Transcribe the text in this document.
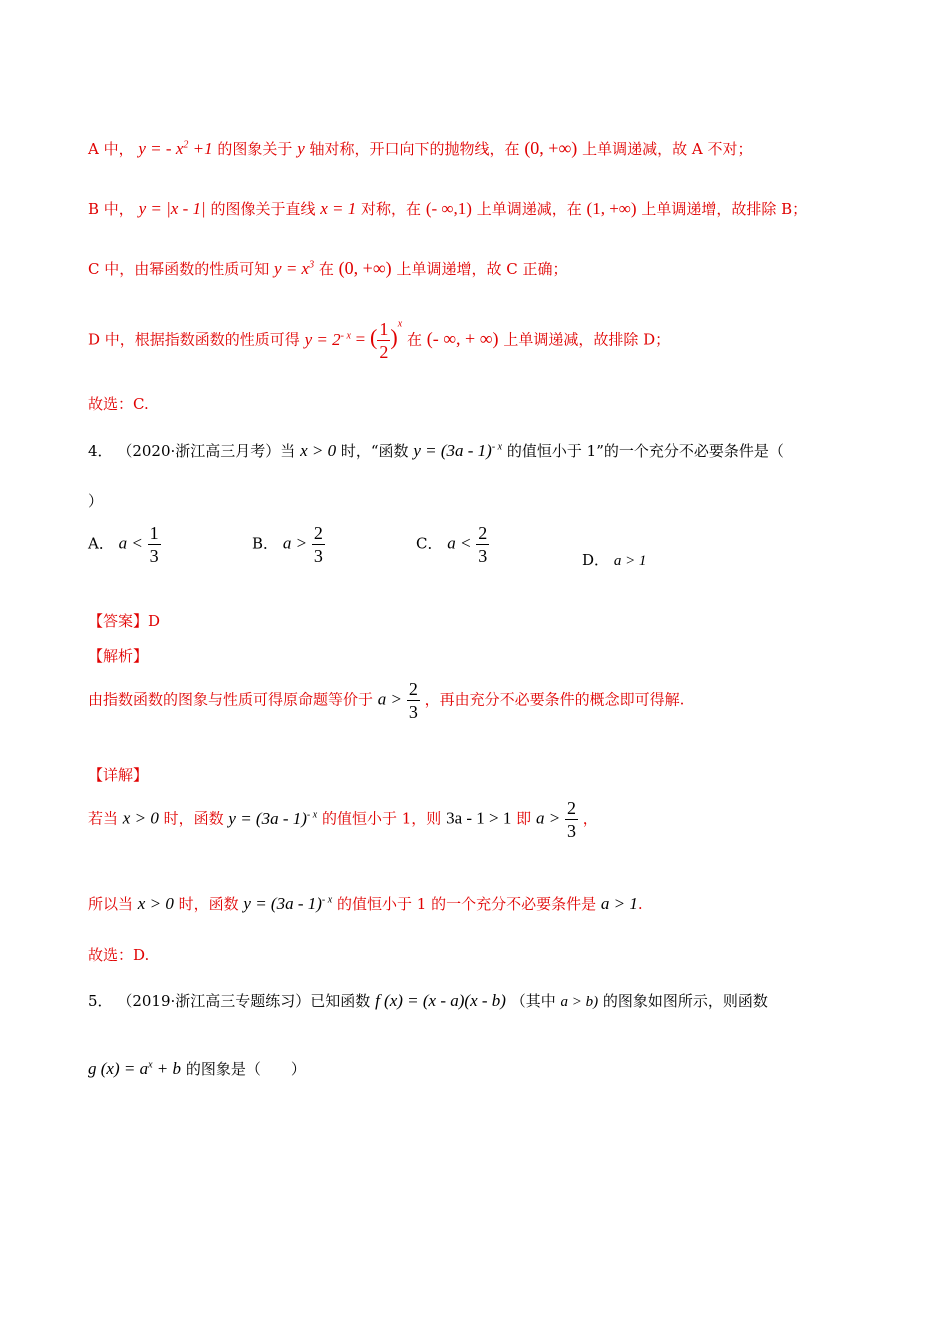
A 中， y = - $x^2 +1$ 的图象关于 y 轴对称，开口向下的抛物线，在 (0, +∞) 上单调递减，故 A 不对；
B 中， y = |x - 1| 的图像关于直线 x = 1 对称，在 (- ∞,1) 上单调递减，在 (1, +∞) 上单调递增，故排除 B；
C 中，由幂函数的性质可知 $y = x^3$ 在 (0, +∞) 上单调递增，故 C 正确；
D 中，根据指数函数的性质可得 $y = 2^{- x}$ = ( $\frac{1}{2} )^x$ 在 (- ∞, + ∞) 上单调递减，故排除 D；
故选：C.
4． （2020·浙江高三月考）当 x > 0 时，“函数 y = (3a - 1)$^{- x}$ 的值恒小于 1”的一个充分不必要条件是（
）
A． $a < \frac{1}{3}$	B． $a > \frac{2}{3}$	C． $a < \frac{2}{3}$	D． a > 1
【答案】D
【解析】
由指数函数的图象与性质可得原命题等价于 $a > \frac{2}{3}$ ，再由充分不必要条件的概念即可得解.
【详解】
若当 x > 0 时，函数 y = (3a - 1)$^{- x}$ 的值恒小于 1，则 3a - 1 > 1 即 $a > \frac{2}{3}$ ，
所以当 x > 0 时，函数 y = (3a - 1)$^{- x}$ 的值恒小于 1 的一个充分不必要条件是 a > 1.
故选：D.
5． （2019·浙江高三专题练习）已知函数 f (x) = (x - a)(x - b) （其中 a > b) 的图象如图所示，则函数
g $(x) = a^x + b$ 的图象是（　　）
